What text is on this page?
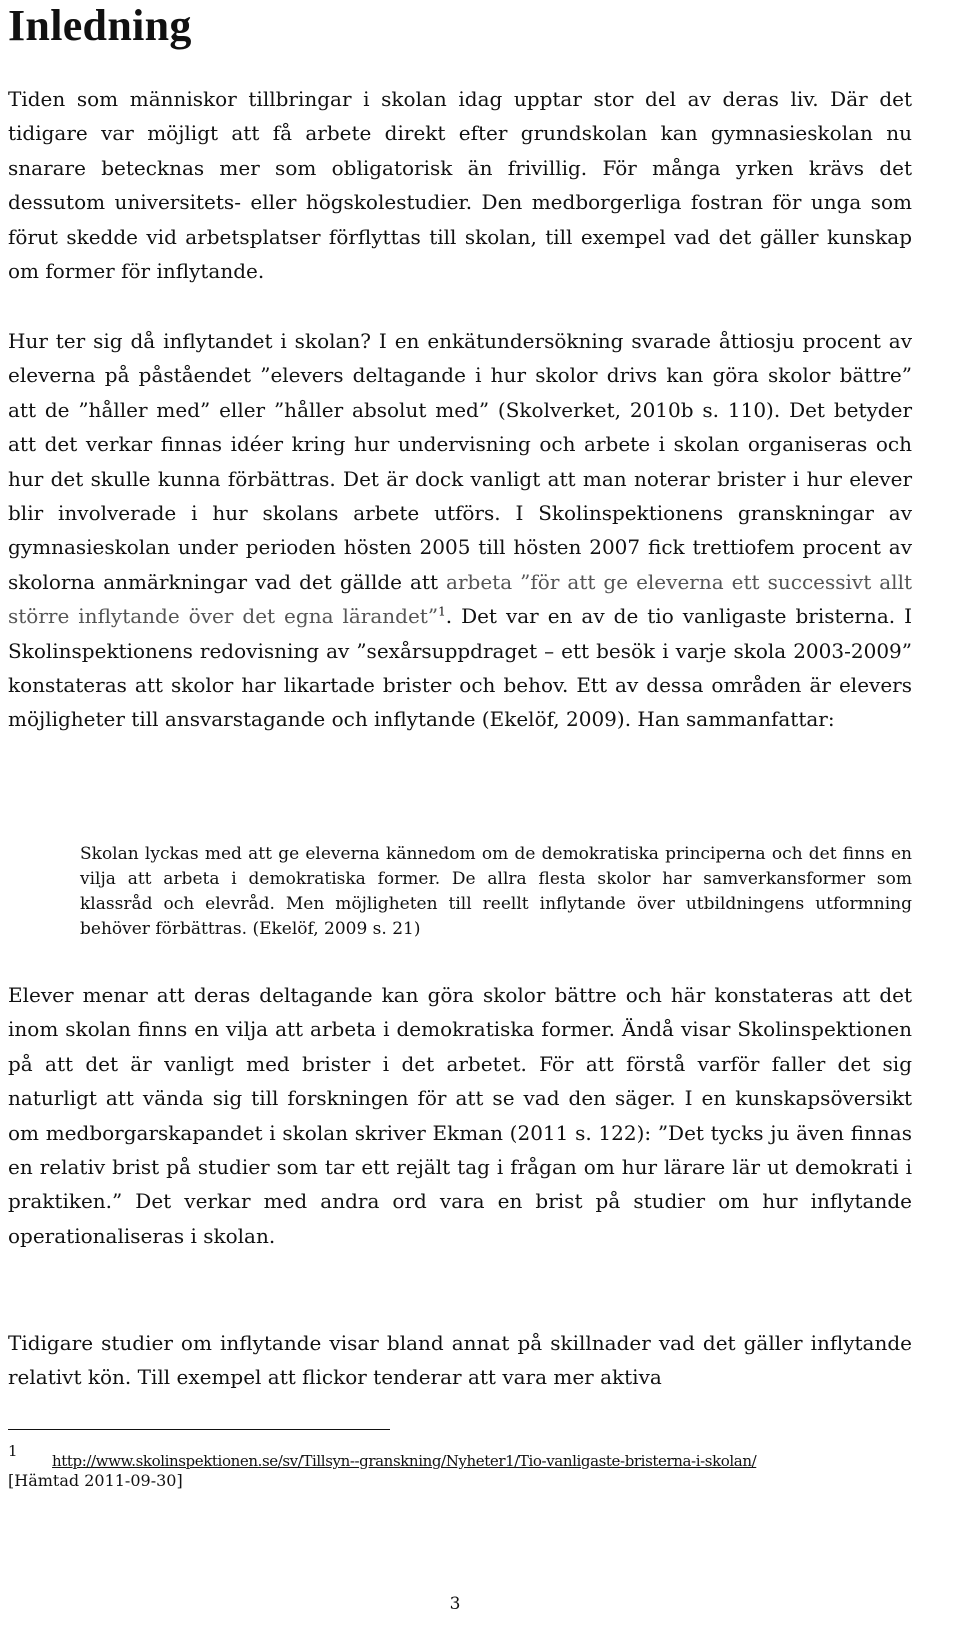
Inledning

Tiden som människor tillbringar i skolan idag upptar stor del av deras liv. Där det tidigare var möjligt att få arbete direkt efter grundskolan kan gymnasieskolan nu snarare betecknas mer som obligatorisk än frivillig. För många yrken krävs det dessutom universitets- eller högskolestudier. Den medborgerliga fostran för unga som förut skedde vid arbetsplatser förflyttas till skolan, till exempel vad det gäller kunskap om former för inflytande.

Hur ter sig då inflytandet i skolan? I en enkätundersökning svarade åttiosju procent av eleverna på påståendet ”elevers deltagande i hur skolor drivs kan göra skolor bättre” att de ”håller med” eller ”håller absolut med” (Skolverket, 2010b s. 110). Det betyder att det verkar finnas idéer kring hur undervisning och arbete i skolan organiseras och hur det skulle kunna förbättras. Det är dock vanligt att man noterar brister i hur elever blir involverade i hur skolans arbete utförs. I Skolinspektionens granskningar av gymnasieskolan under perioden hösten 2005 till hösten 2007 fick trettiofem procent av skolorna anmärkningar vad det gällde att arbeta ”för att ge eleverna ett successivt allt större inflytande över det egna lärandet”$^1$. Det var en av de tio vanligaste bristerna. I Skolinspektionens redovisning av ”sexårsuppdraget – ett besök i varje skola 2003-2009” konstateras att skolor har likartade brister och behov. Ett av dessa områden är elevers möjligheter till ansvarstagande och inflytande (Ekelöf, 2009). Han sammanfattar:

Skolan lyckas med att ge eleverna kännedom om de demokratiska principerna och det finns en vilja att arbeta i demokratiska former. De allra flesta skolor har samverkansformer som klassråd och elevråd. Men möjligheten till reellt inflytande över utbildningens utformning behöver förbättras. (Ekelöf, 2009 s. 21)

Elever menar att deras deltagande kan göra skolor bättre och här konstateras att det inom skolan finns en vilja att arbeta i demokratiska former. Ändå visar Skolinspektionen på att det är vanligt med brister i det arbetet. För att förstå varför faller det sig naturligt att vända sig till forskningen för att se vad den säger. I en kunskapsöversikt om medborgarskapandet i skolan skriver Ekman (2011 s. 122): ”Det tycks ju även finnas en relativ brist på studier som tar ett rejält tag i frågan om hur lärare lär ut demokrati i praktiken.” Det verkar med andra ord vara en brist på studier om hur inflytande operationaliseras i skolan.

Tidigare studier om inflytande visar bland annat på skillnader vad det gäller inflytande relativt kön. Till exempel att flickor tenderar att vara mer aktiva

1http://www.skolinspektionen.se/sv/Tillsyn--granskning/Nyheter1/Tio-vanligaste-bristerna-i-skolan/
[Hämtad 2011-09-30]
3
